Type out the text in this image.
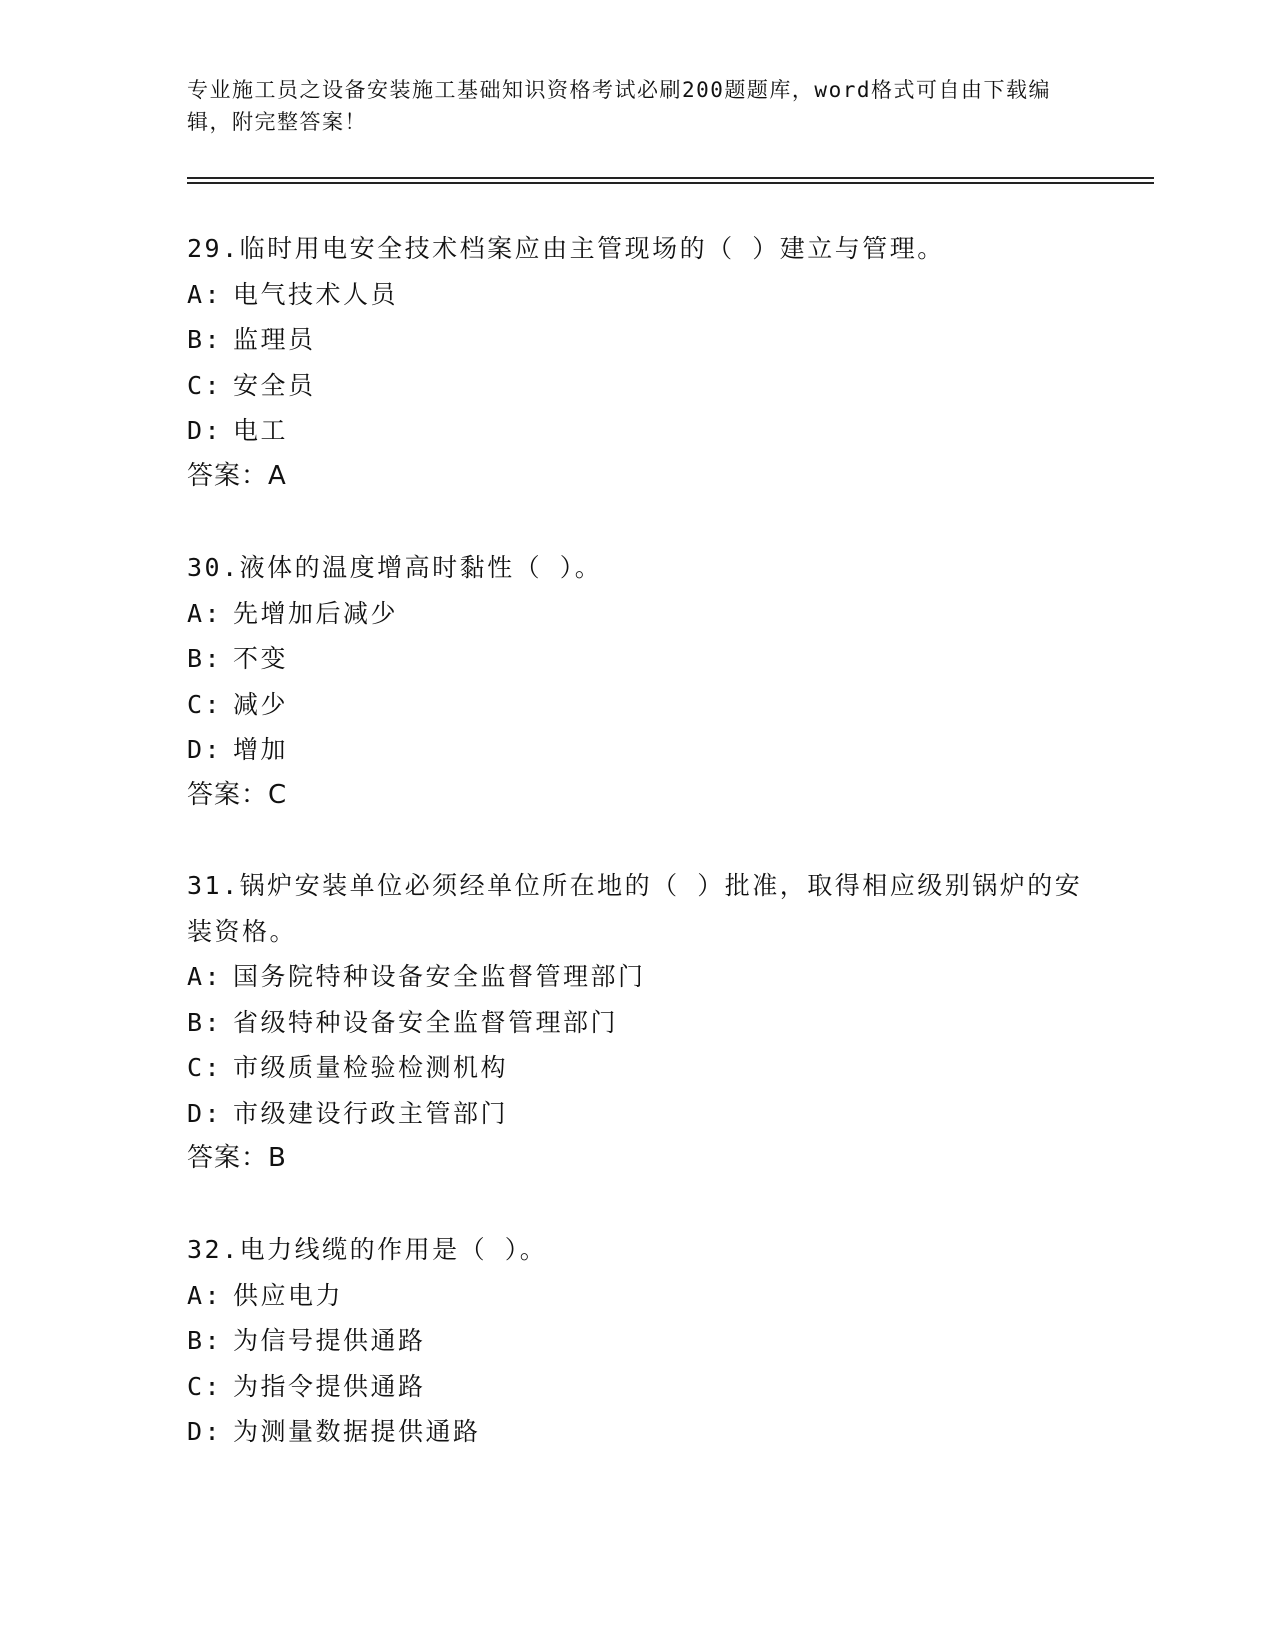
专业施工员之设备安装施工基础知识资格考试必刷200题题库，word格式可自由下载编辑，附完整答案！
29.临时用电安全技术档案应由主管现场的（ ）建立与管理。
A: 电气技术人员
B: 监理员
C: 安全员
D: 电工
答案：A
30.液体的温度增高时黏性（ ）。
A: 先增加后减少
B: 不变
C: 减少
D: 增加
答案：C
31.锅炉安装单位必须经单位所在地的（ ）批准，取得相应级别锅炉的安装资格。
A: 国务院特种设备安全监督管理部门
B: 省级特种设备安全监督管理部门
C: 市级质量检验检测机构
D: 市级建设行政主管部门
答案：B
32.电力线缆的作用是（ ）。
A: 供应电力
B: 为信号提供通路
C: 为指令提供通路
D: 为测量数据提供通路
